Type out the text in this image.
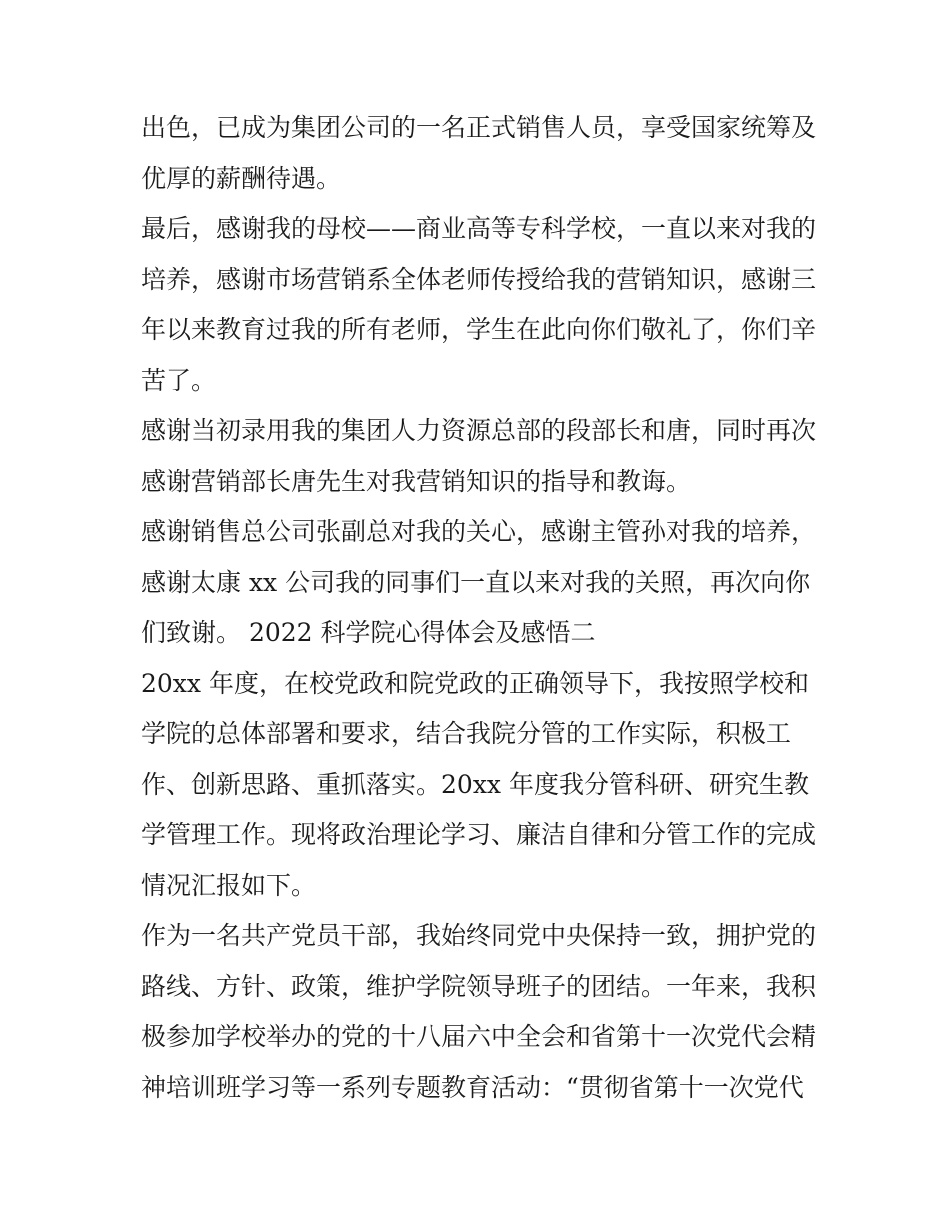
出色，已成为集团公司的一名正式销售人员，享受国家统筹及
优厚的薪酬待遇。
最后，感谢我的母校——商业高等专科学校，一直以来对我的
培养，感谢市场营销系全体老师传授给我的营销知识，感谢三
年以来教育过我的所有老师，学生在此向你们敬礼了，你们辛
苦了。
感谢当初录用我的集团人力资源总部的段部长和唐，同时再次
感谢营销部长唐先生对我营销知识的指导和教诲。
感谢销售总公司张副总对我的关心，感谢主管孙对我的培养，
感谢太康 xx 公司我的同事们一直以来对我的关照，再次向你
们致谢。 2022 科学院心得体会及感悟二
20xx 年度，在校党政和院党政的正确领导下，我按照学校和
学院的总体部署和要求，结合我院分管的工作实际，积极工
作、创新思路、重抓落实。20xx 年度我分管科研、研究生教
学管理工作。现将政治理论学习、廉洁自律和分管工作的完成
情况汇报如下。
作为一名共产党员干部，我始终同党中央保持一致，拥护党的
路线、方针、政策，维护学院领导班子的团结。一年来，我积
极参加学校举办的党的十八届六中全会和省第十一次党代会精
神培训班学习等一系列专题教育活动：“贯彻省第十一次党代
